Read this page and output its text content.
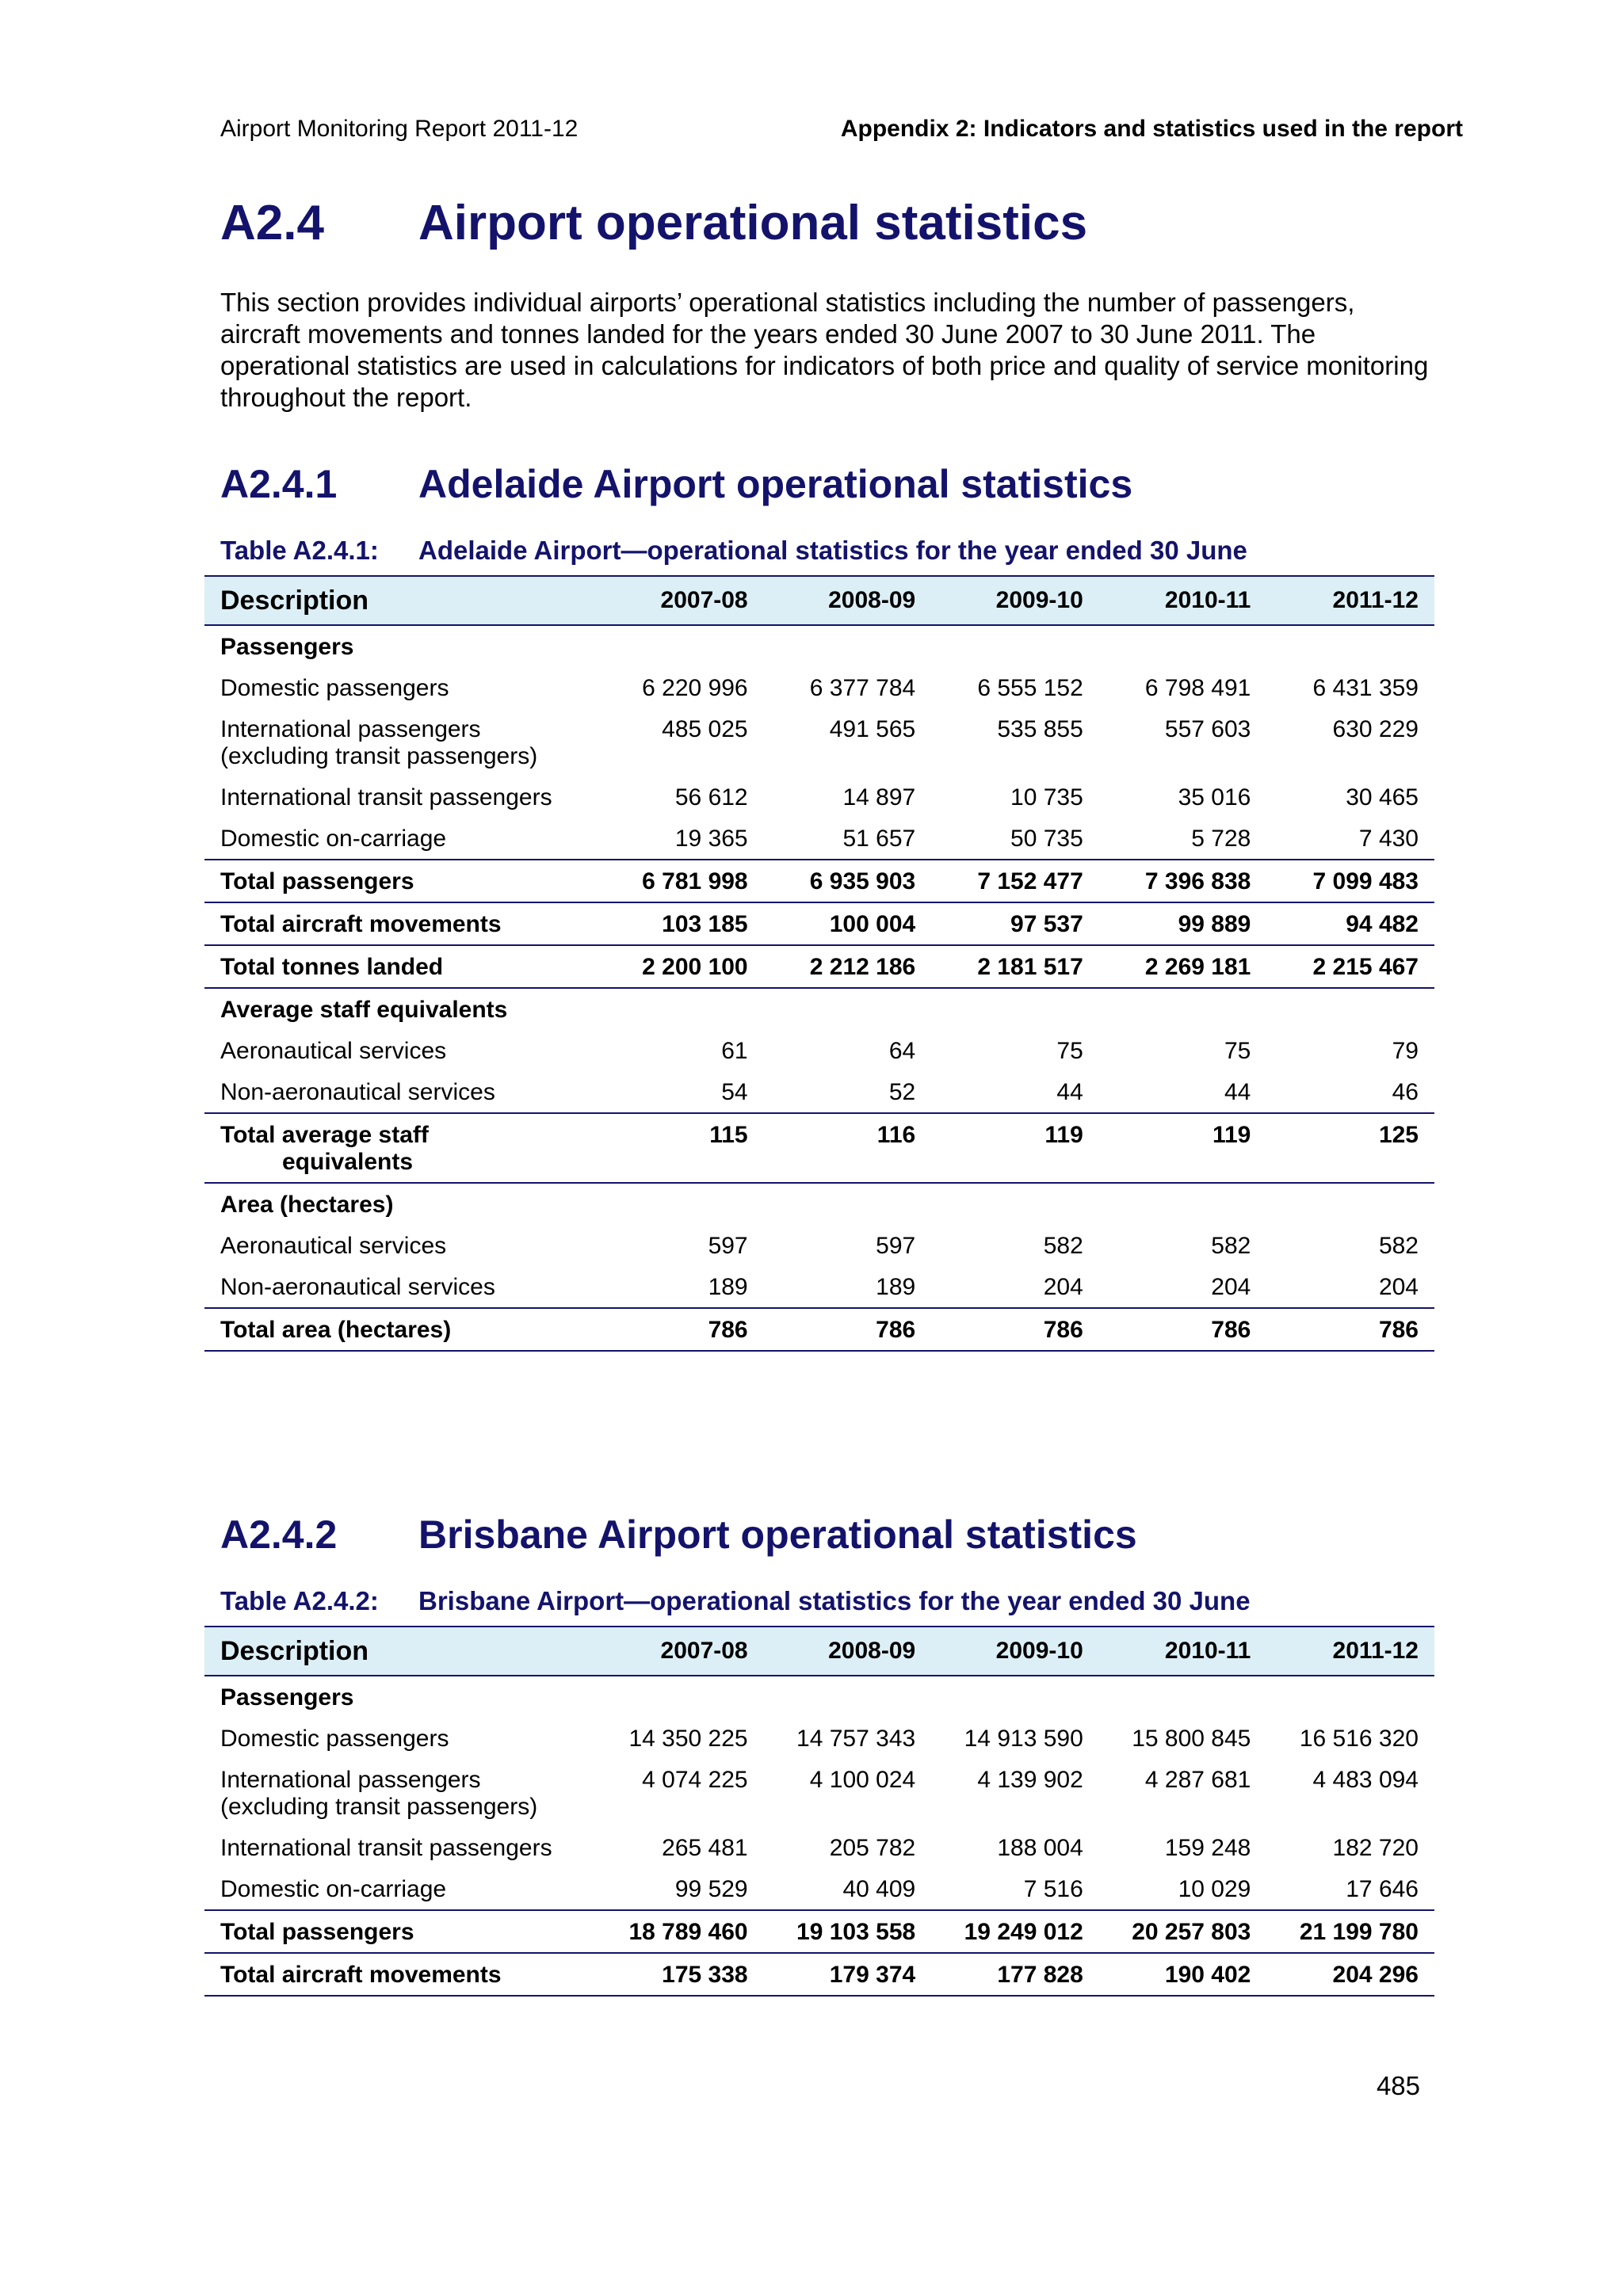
Airport Monitoring Report 2011-12	Appendix 2: Indicators and statistics used in the report
A2.4 Airport operational statistics
This section provides individual airports’ operational statistics including the number of passengers, aircraft movements and tonnes landed for the years ended 30 June 2007 to 30 June 2011. The operational statistics are used in calculations for indicators of both price and quality of service monitoring throughout the report.
A2.4.1 Adelaide Airport operational statistics
Table A2.4.1: Adelaide Airport—operational statistics for the year ended 30 June
Description	2007-08	2008-09	2009-10	2010-11	2011-12
Passengers					
Domestic passengers	6 220 996	6 377 784	6 555 152	6 798 491	6 431 359

International passengers
(excluding transit passengers)	485 025	491 565	535 855	557 603	630 229
International transit passengers	56 612	14 897	10 735	35 016	30 465
Domestic on-carriage	19 365	51 657	50 735	5 728	7 430
Total passengers	6 781 998	6 935 903	7 152 477	7 396 838	7 099 483
Total aircraft movements	103 185	100 004	97 537	99 889	94 482
Total tonnes landed	2 200 100	2 212 186	2 181 517	2 269 181	2 215 467
Average staff equivalents					
Aeronautical services	61	64	75	75	79
Non-aeronautical services	54	52	44	44	46

Total average staff
equivalents	115	116	119	119	125
Area (hectares)					
Aeronautical services	597	597	582	582	582
Non-aeronautical services	189	189	204	204	204
Total area (hectares)	786	786	786	786	786
A2.4.2 Brisbane Airport operational statistics
Table A2.4.2: Brisbane Airport—operational statistics for the year ended 30 June
Description	2007-08	2008-09	2009-10	2010-11	2011-12
Passengers					
Domestic passengers	14 350 225	14 757 343	14 913 590	15 800 845	16 516 320

International passengers
(excluding transit passengers)	4 074 225	4 100 024	4 139 902	4 287 681	4 483 094
International transit passengers	265 481	205 782	188 004	159 248	182 720
Domestic on-carriage	99 529	40 409	7 516	10 029	17 646
Total passengers	18 789 460	19 103 558	19 249 012	20 257 803	21 199 780
Total aircraft movements	175 338	179 374	177 828	190 402	204 296
485
